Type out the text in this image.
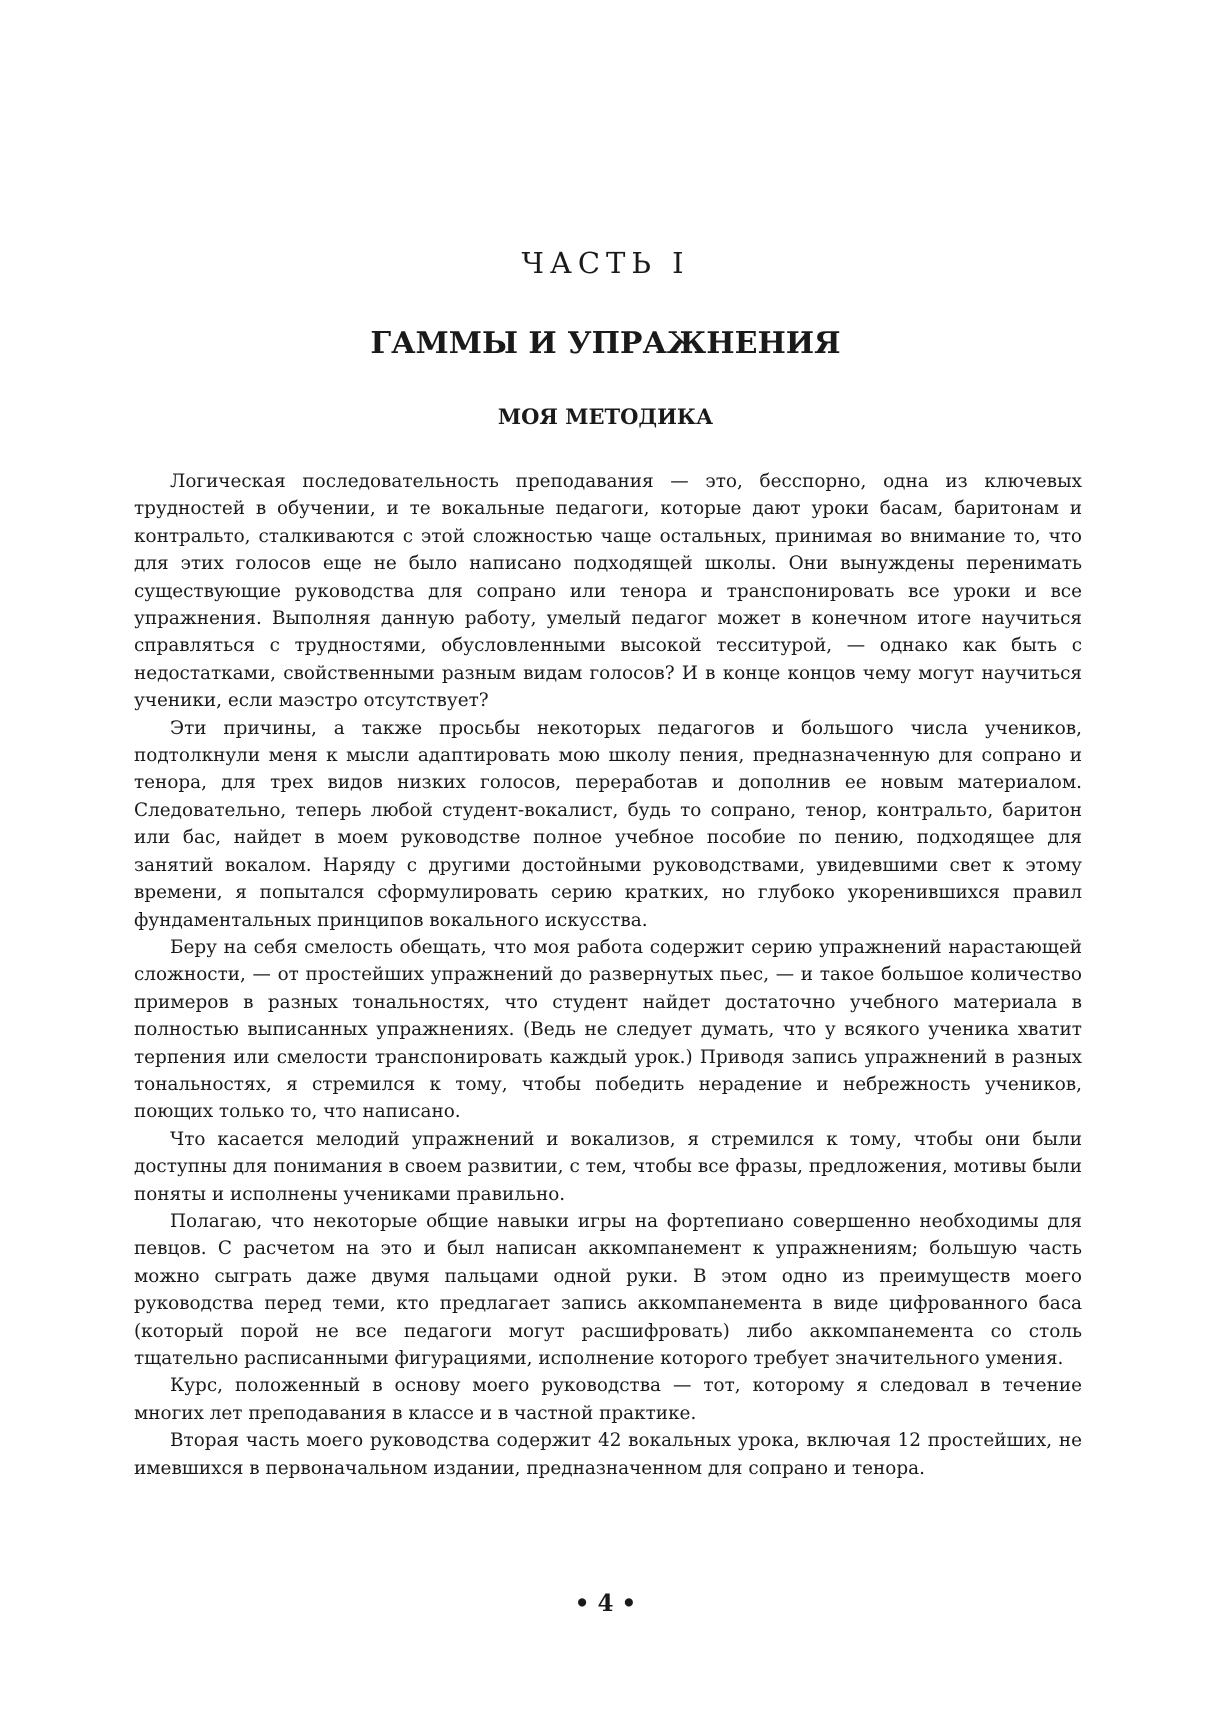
ЧАСТЬ I
ГАММЫ И УПРАЖНЕНИЯ
МОЯ МЕТОДИКА

Логическая последовательность преподавания — это, бесспорно, одна из ключевых трудностей в обучении, и те вокальные педагоги, которые дают уроки басам, баритонам и контральто, сталкиваются с этой сложностью чаще остальных, принимая во внимание то, что для этих голосов еще не было написано подходящей школы. Они вынуждены перенимать существующие руководства для сопрано или тенора и транспонировать все уроки и все упражнения. Выполняя данную работу, умелый педагог может в конечном итоге научиться справляться с трудностями, обусловленными высокой тесситурой, — однако как быть с недостатками, свойственными разным видам голосов? И в конце концов чему могут научиться ученики, если маэстро отсутствует?

Эти причины, а также просьбы некоторых педагогов и большого числа учеников, подтолкнули меня к мысли адаптировать мою школу пения, предназначенную для сопрано и тенора, для трех видов низких голосов, переработав и дополнив ее новым материалом. Следовательно, теперь любой студент-вокалист, будь то сопрано, тенор, контральто, баритон или бас, найдет в моем руководстве полное учебное пособие по пению, подходящее для занятий вокалом. Наряду с другими достойными руководствами, увидевшими свет к этому времени, я попытался сформулировать серию кратких, но глубоко укоренившихся правил фундаментальных принципов вокального искусства.

Беру на себя смелость обещать, что моя работа содержит серию упражнений нарастающей сложности, — от простейших упражнений до развернутых пьес, — и такое большое количество примеров в разных тональностях, что студент найдет достаточно учебного материала в полностью выписанных упражнениях. (Ведь не следует думать, что у всякого ученика хватит терпения или смелости транспонировать каждый урок.) Приводя запись упражнений в разных тональностях, я стремился к тому, чтобы победить нерадение и небрежность учеников, поющих только то, что написано.

Что касается мелодий упражнений и вокализов, я стремился к тому, чтобы они были доступны для понимания в своем развитии, с тем, чтобы все фразы, предложения, мотивы были поняты и исполнены учениками правильно.

Полагаю, что некоторые общие навыки игры на фортепиано совершенно необходимы для певцов. С расчетом на это и был написан аккомпанемент к упражнениям; большую часть можно сыграть даже двумя пальцами одной руки. В этом одно из преимуществ моего руководства перед теми, кто предлагает запись аккомпанемента в виде цифрованного баса (который порой не все педагоги могут расшифровать) либо аккомпанемента со столь тщательно расписанными фигурациями, исполнение которого требует значительного умения.

Курс, положенный в основу моего руководства — тот, которому я следовал в течение многих лет преподавания в классе и в частной практике.

Вторая часть моего руководства содержит 42 вокальных урока, включая 12 простейших, не имевшихся в первоначальном издании, предназначенном для сопрано и тенора.

• 4 •
